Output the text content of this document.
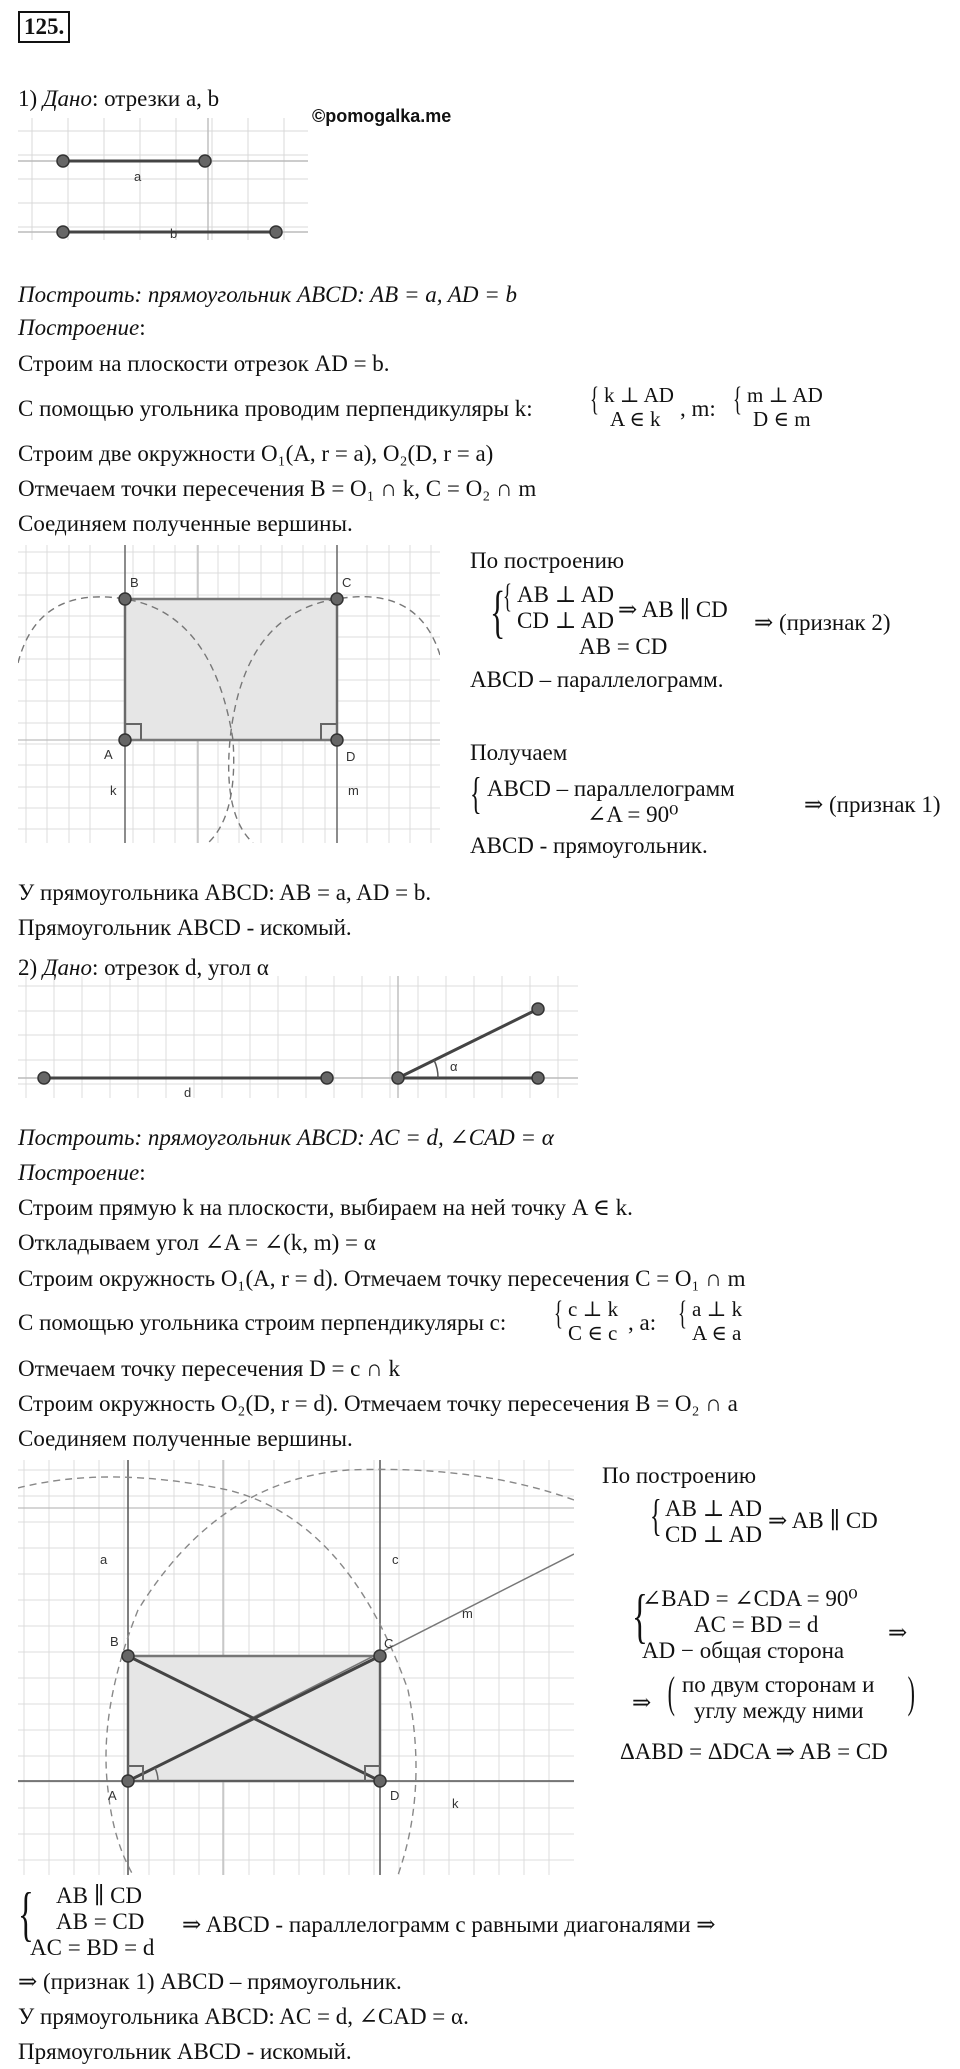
125.
1) Дано: отрезки a, b
©pomogalka.me
a
b
Построить: прямоугольник ABCD: AB = a, AD = b
Построение:
Строим на плоскости отрезок AD = b.
С помощью угольника проводим перпендикуляры k: { k ⊥ AD
A ∈ k , m: { m ⊥ AD
D ∈ m
Строим две окружности O₁(A, r = a), O₂(D, r = a)
Отмечаем точки пересечения B = O₁ ∩ k, C = O₂ ∩ m
Соединяем полученные вершины.
B	C
A	D
k	m
По построению
{
{ AB ⊥ AD
CD ⊥ AD
AB = CD
⇒ AB ∥ CD
⇒ (признак 2)
ABCD – параллелограмм.
Получаем
{ ABCD – параллелограмм
∠A = 90⁰	⇒ (признак 1)
ABCD - прямоугольник.
У прямоугольника ABCD: AB = a, AD = b.
Прямоугольник ABCD - искомый.
2) Дано: отрезок d, угол α
d
α
Построить: прямоугольник ABCD: AC = d, ∠CAD = α
Построение:
Строим прямую k на плоскости, выбираем на ней точку A ∈ k.
Откладываем угол ∠A = ∠(k, m) = α
Строим окружность O₁(A, r = d). Отмечаем точку пересечения C = O₁ ∩ m
С помощью угольника строим перпендикуляры c: { c ⊥ k
C ∈ c , a: { a ⊥ k
A ∈ a
Отмечаем точку пересечения D = c ∩ k
Строим окружность O₂(D, r = d). Отмечаем точку пересечения B = O₂ ∩ a
Соединяем полученные вершины.
a	c
m
B	C
A	D
k
По построению
{ AB ⊥ AD
CD ⊥ AD
⇒ AB ∥ CD
{
∠BAD = ∠CDA = 90⁰
AC = BD = d
AD − общая сторона
⇒
⇒ ( по двум сторонам и
углу между ними )
ΔABD = ΔDCA ⇒ AB = CD
{ AB ∥ CD
AB = CD
AC = BD = d
⇒ ABCD - параллелограмм с равными диагоналями ⇒
⇒ (признак 1) ABCD – прямоугольник.
У прямоугольника ABCD: AC = d, ∠CAD = α.
Прямоугольник ABCD - искомый.
